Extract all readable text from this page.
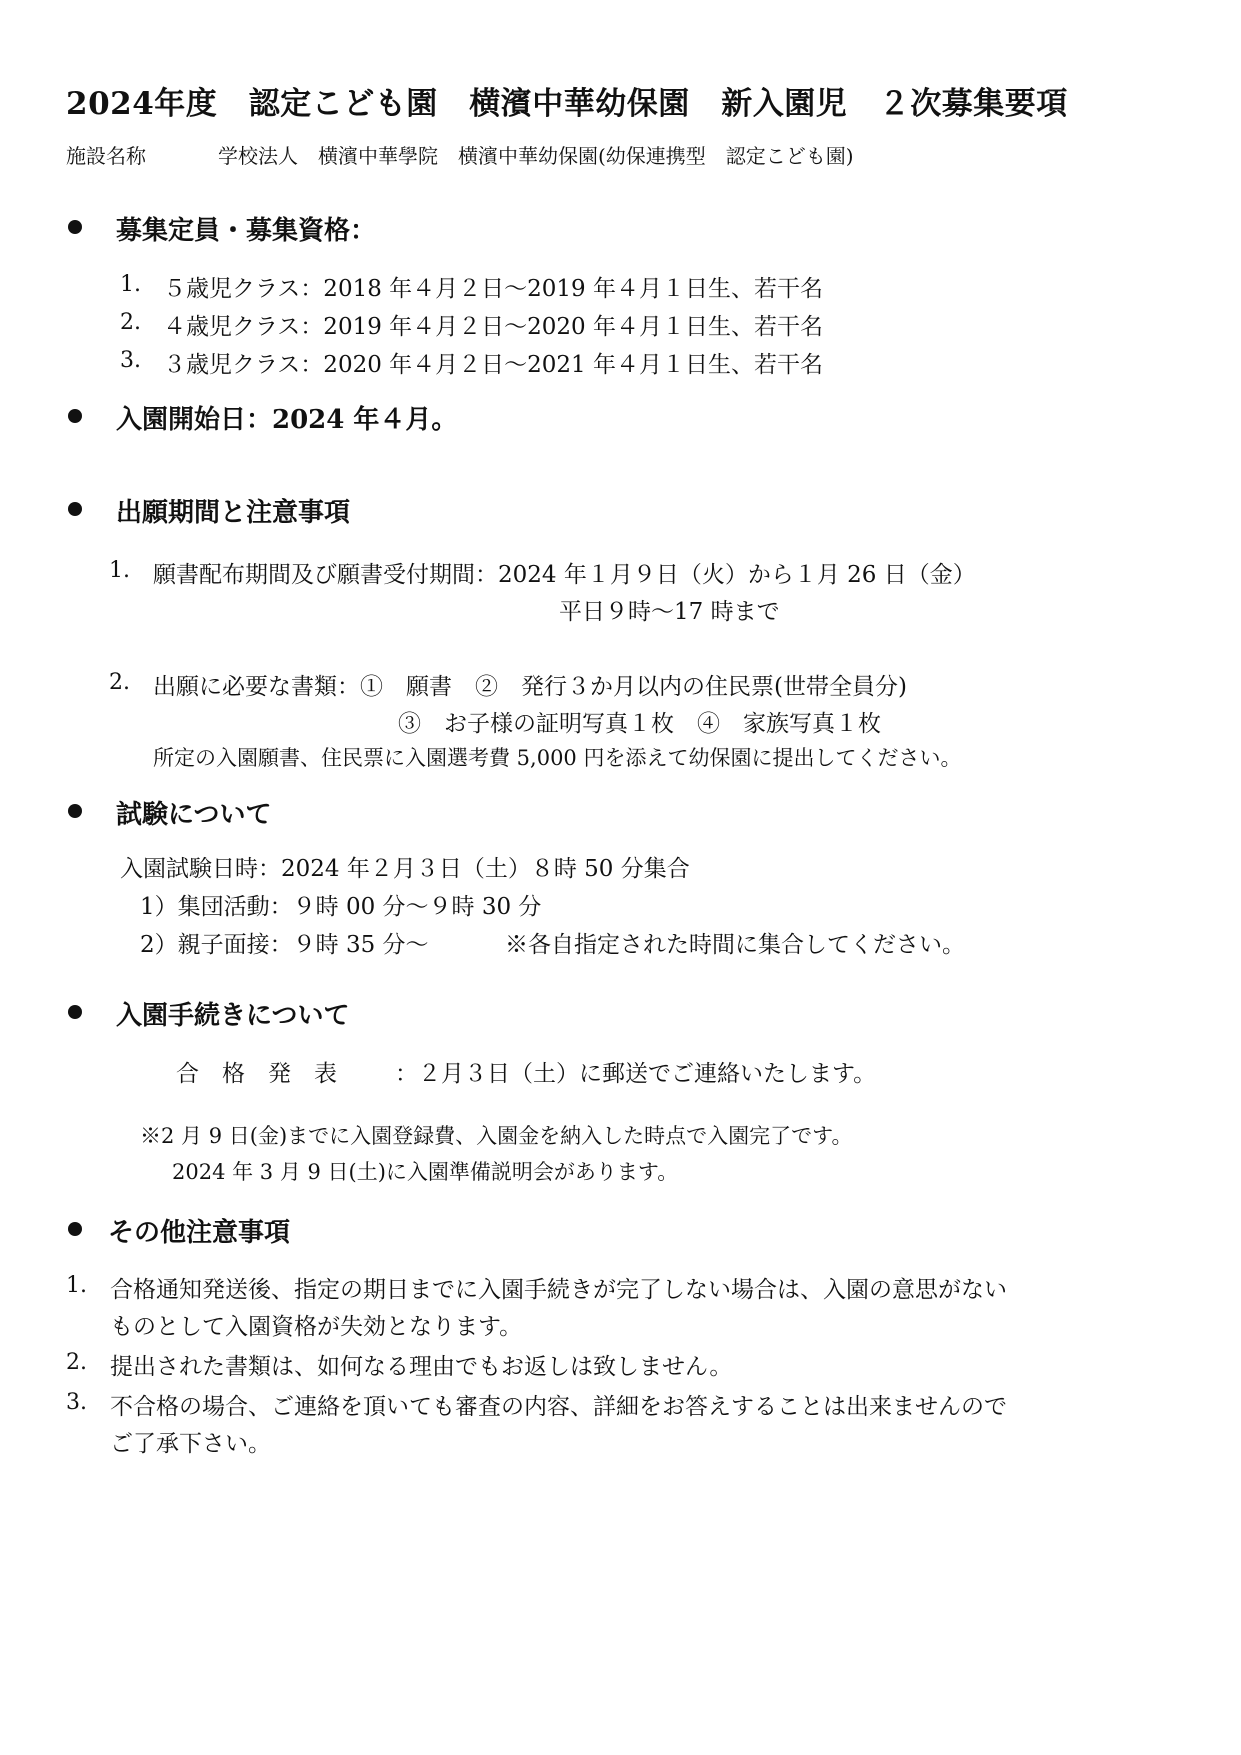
2024年度　認定こども園　横濱中華幼保園　新入園児　２次募集要項
施設名称	学校法人　横濱中華學院　横濱中華幼保園(幼保連携型　認定こども園)
募集定員・募集資格：
1. ５歳児クラス：2018 年４月２日〜2019 年４月１日生、若干名
2. ４歳児クラス：2019 年４月２日〜2020 年４月１日生、若干名
3. ３歳児クラス：2020 年４月２日〜2021 年４月１日生、若干名
入園開始日：2024 年４月。
出願期間と注意事項
1. 願書配布期間及び願書受付期間：2024 年１月９日（火）から１月 26 日（金）
平日９時〜17 時まで
2. 出願に必要な書類：①　願書　②　発行３か月以内の住民票(世帯全員分)
③　お子様の証明写真１枚　④　家族写真１枚
所定の入園願書、住民票に入園選考費 5,000 円を添えて幼保園に提出してください。
試験について
入園試験日時：2024 年２月３日（土）８時 50 分集合
1）集団活動：９時 00 分〜９時 30 分
2）親子面接：９時 35 分〜	※各自指定された時間に集合してください。
入園手続きについて
合　格　発　表	：２月３日（土）に郵送でご連絡いたします。
※2 月 9 日(金)までに入園登録費、入園金を納入した時点で入園完了です。
2024 年 3 月 9 日(土)に入園準備説明会があります。
その他注意事項
1. 合格通知発送後、指定の期日までに入園手続きが完了しない場合は、入園の意思がない
ものとして入園資格が失効となります。
2. 提出された書類は、如何なる理由でもお返しは致しません。
3. 不合格の場合、ご連絡を頂いても審査の内容、詳細をお答えすることは出来ませんので
ご了承下さい。
